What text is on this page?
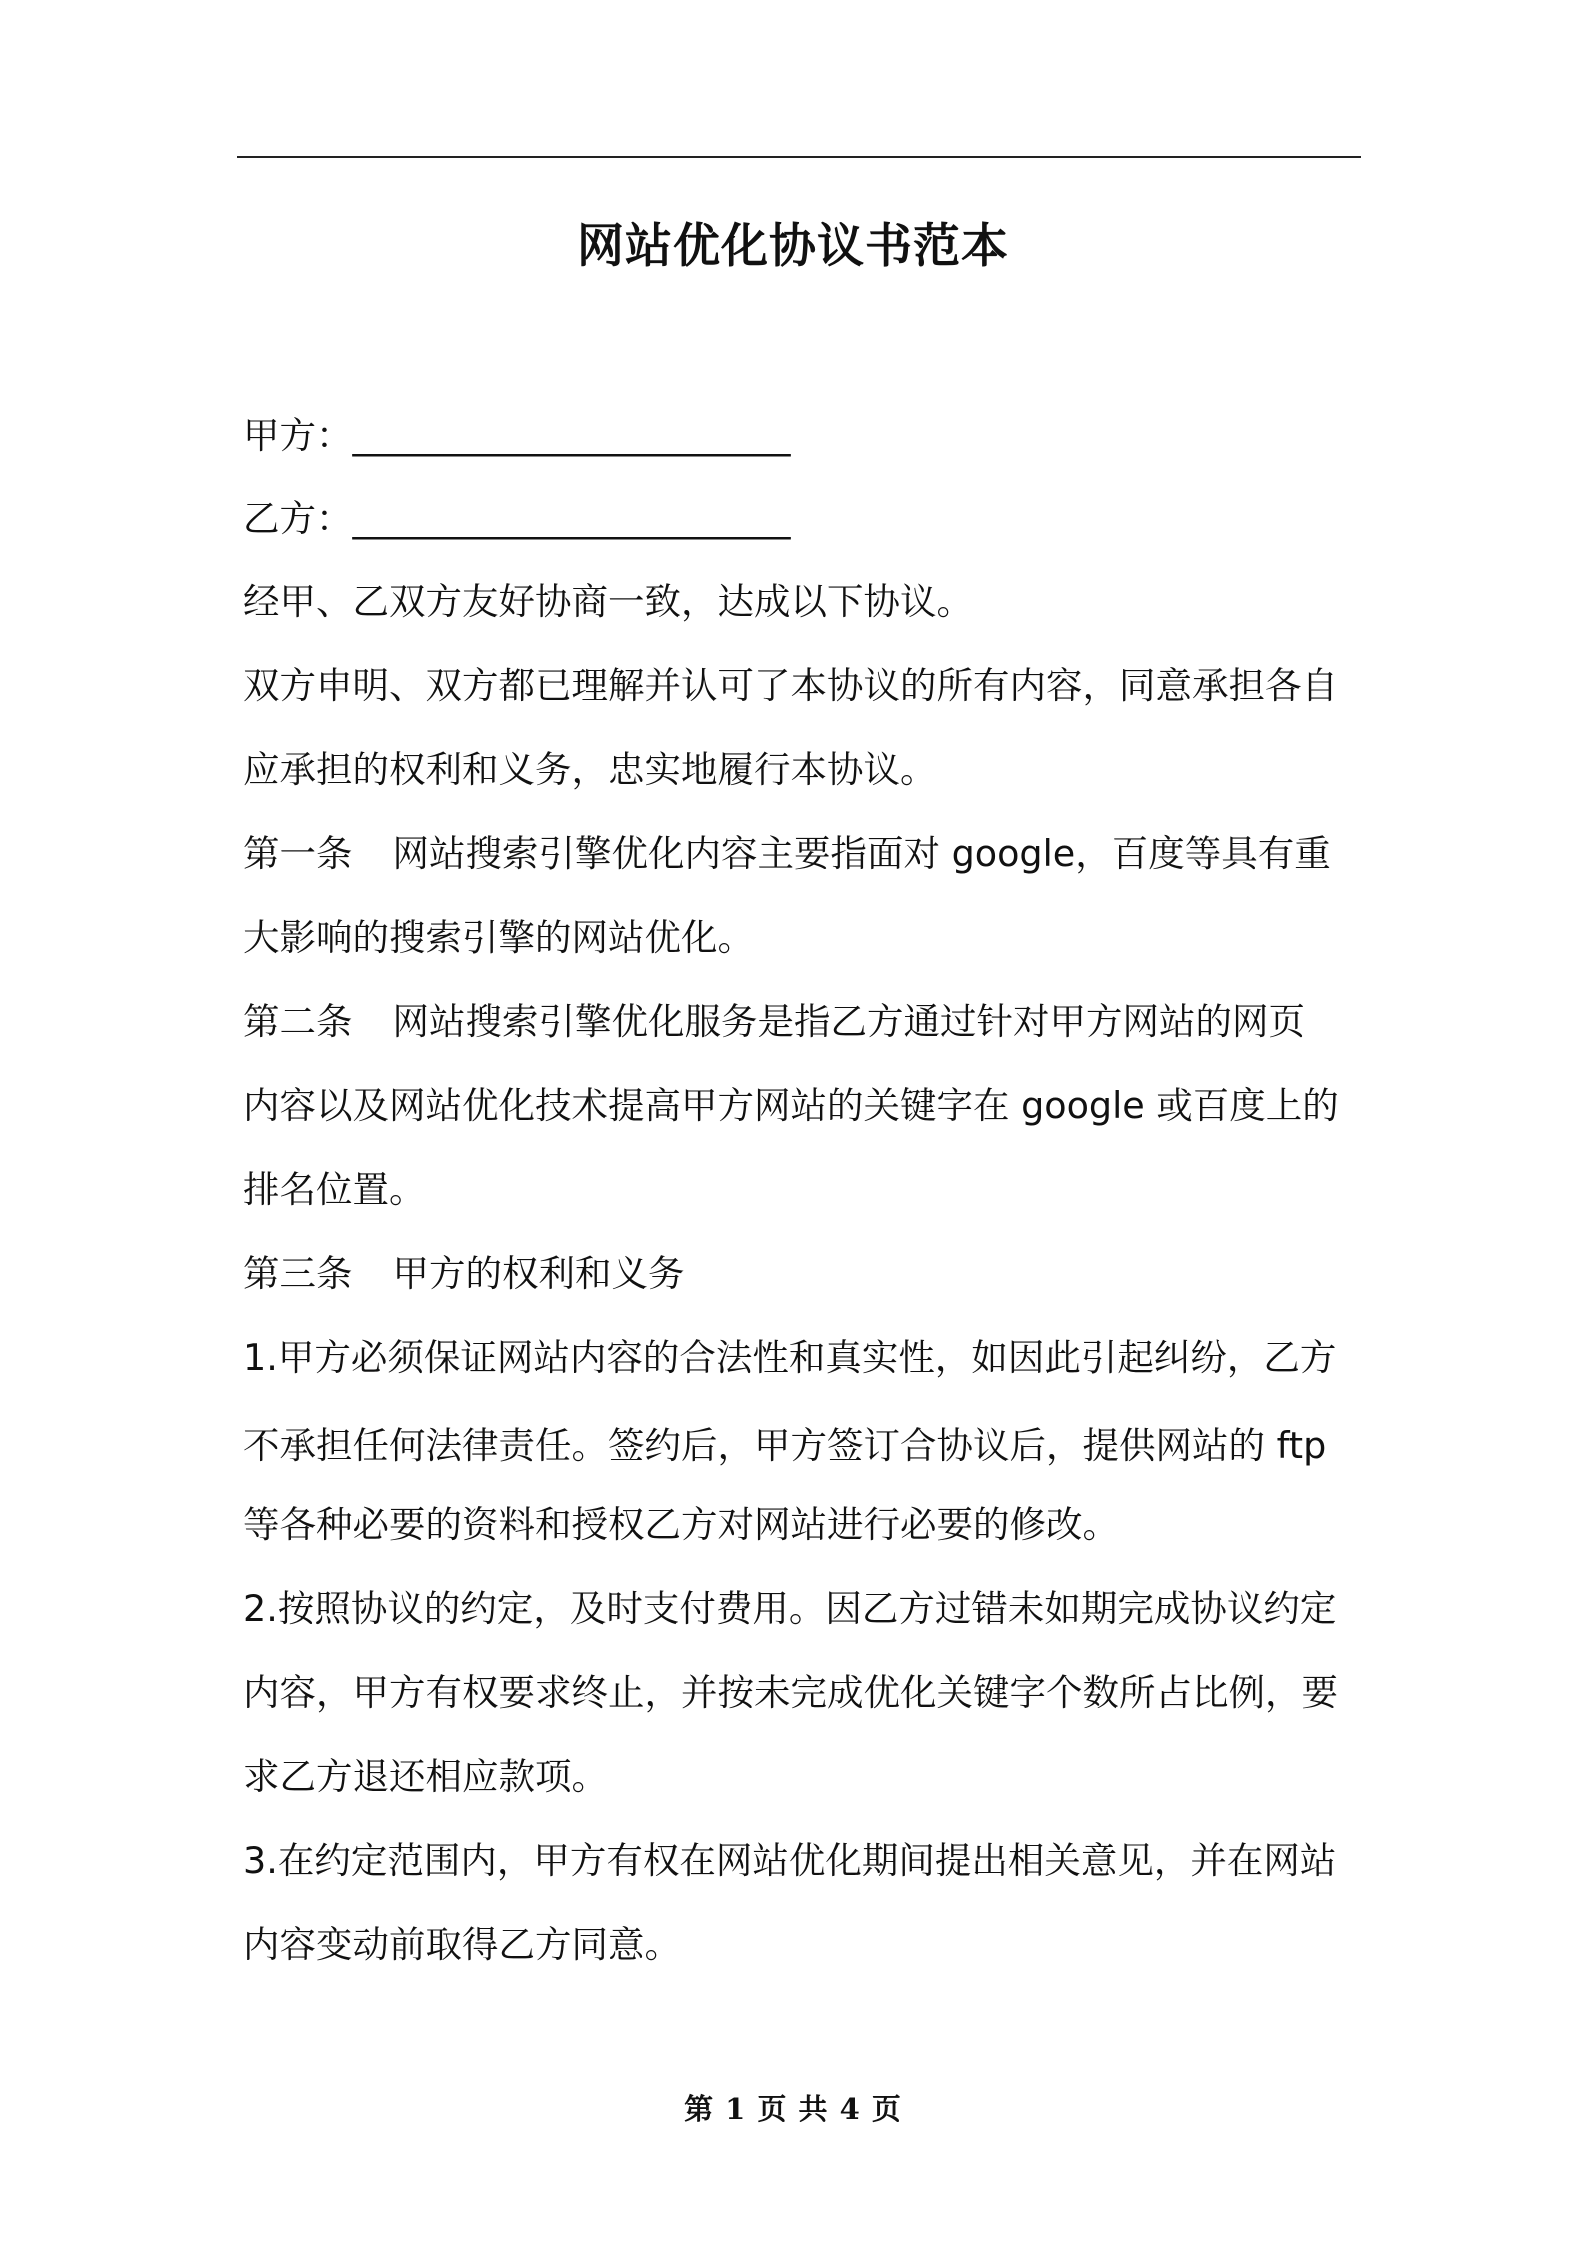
网站优化协议书范本
甲方：________________________
乙方：________________________
经甲、乙双方友好协商一致，达成以下协议。
双方申明、双方都已理解并认可了本协议的所有内容，同意承担各自
应承担的权利和义务，忠实地履行本协议。
第一条 网站搜索引擎优化内容主要指面对 google，百度等具有重
大影响的搜索引擎的网站优化。
第二条 网站搜索引擎优化服务是指乙方通过针对甲方网站的网页
内容以及网站优化技术提高甲方网站的关键字在 google 或百度上的
排名位置。
第三条 甲方的权利和义务
1.甲方必须保证网站内容的合法性和真实性，如因此引起纠纷，乙方
不承担任何法律责任。签约后，甲方签订合协议后，提供网站的 ftp
等各种必要的资料和授权乙方对网站进行必要的修改。
2.按照协议的约定，及时支付费用。因乙方过错未如期完成协议约定
内容，甲方有权要求终止，并按未完成优化关键字个数所占比例，要
求乙方退还相应款项。
3.在约定范围内，甲方有权在网站优化期间提出相关意见，并在网站
内容变动前取得乙方同意。
第 1 页 共 4 页
